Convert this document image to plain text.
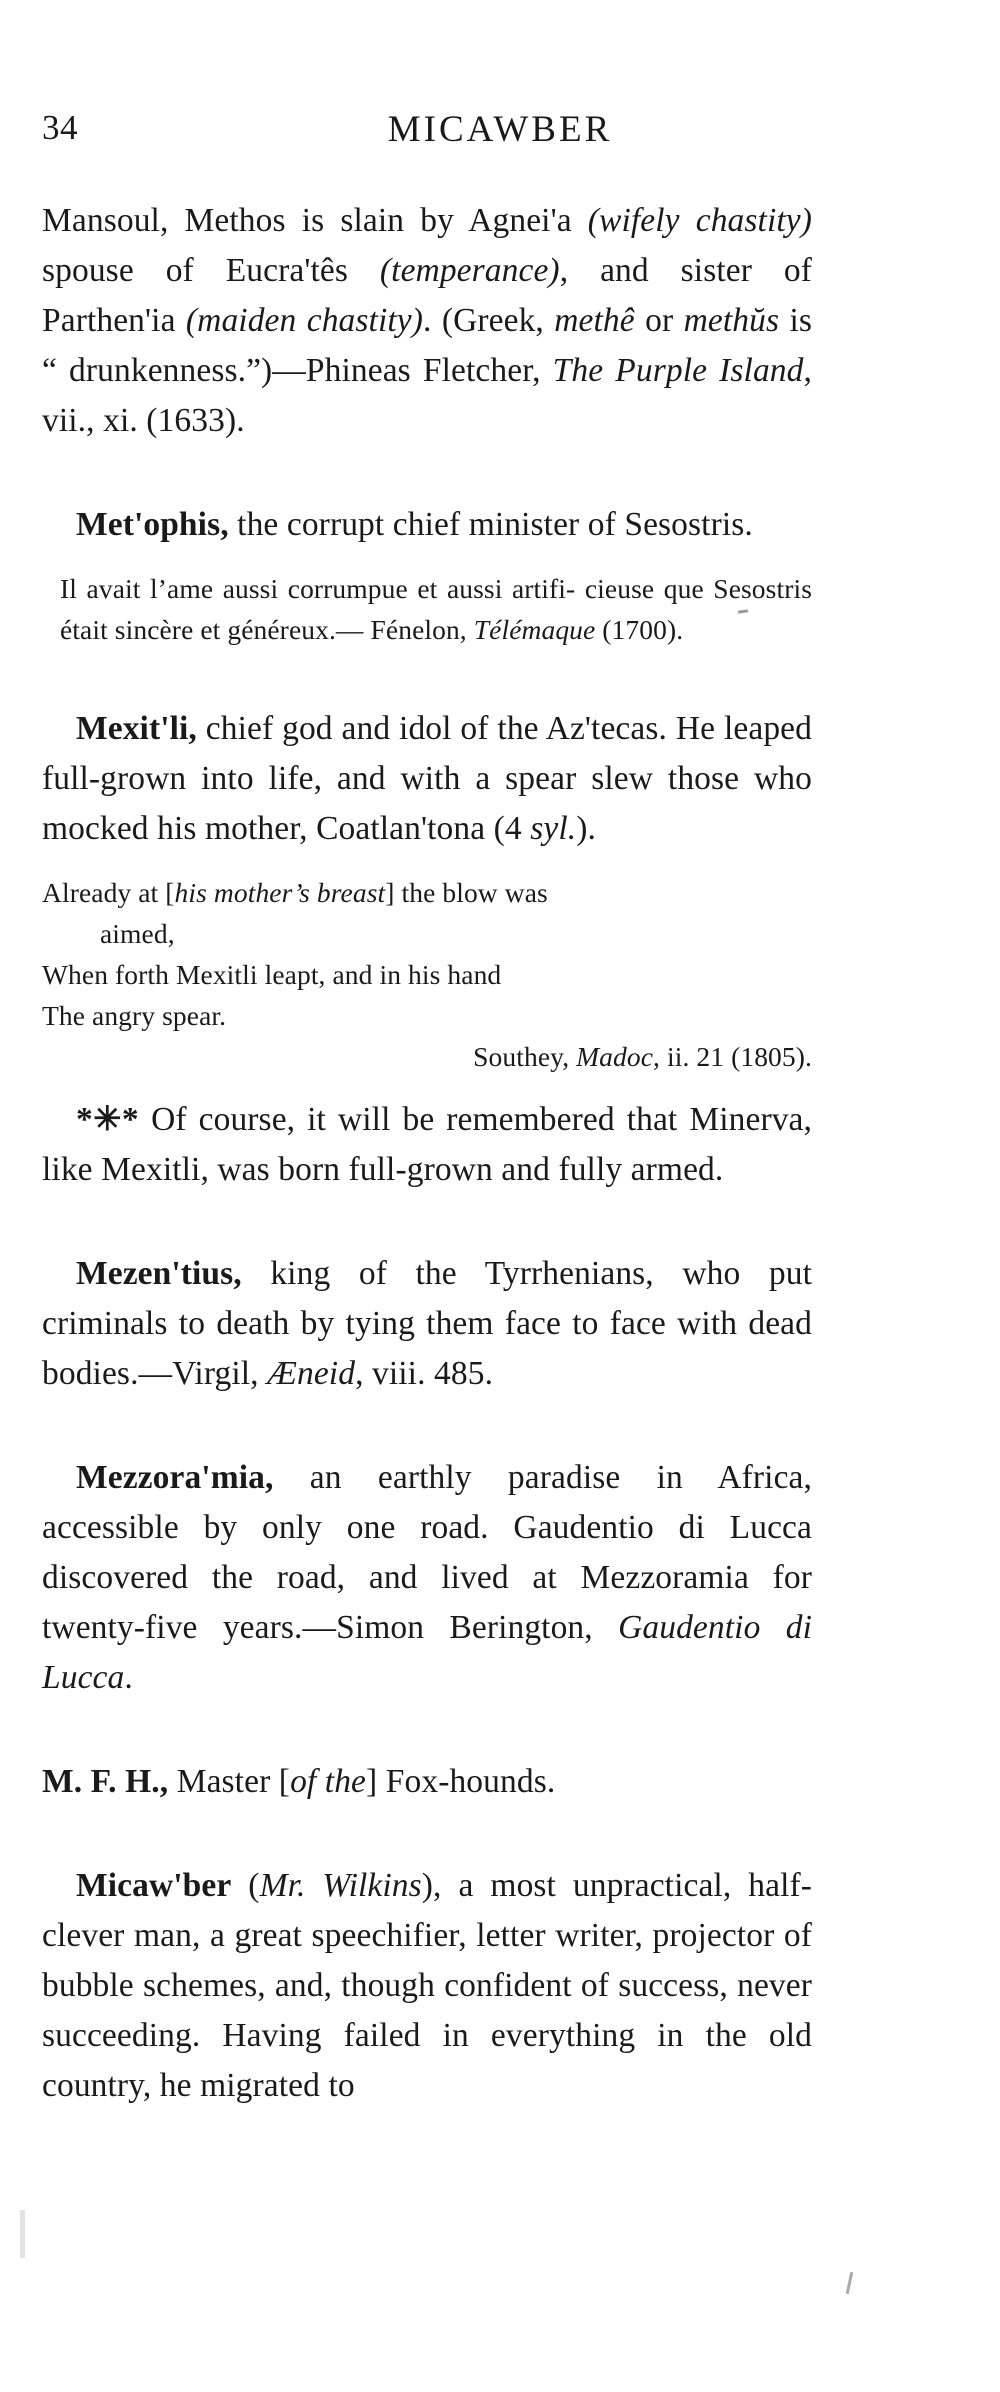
34	MICAWBER

Mansoul, Methos is slain by Agnei'a (wifely chastity) spouse of Eucra'tês (temperance), and sister of Parthen'ia (maiden chastity). (Greek, methê or methŭs is “ drunkenness.”)—Phineas Fletcher, The Purple Island, vii., xi. (1633).

Met'ophis, the corrupt chief minister of Sesostris.

Il avait l’ame aussi corrumpue et aussi artifi- cieuse que Sesostris était sincère et généreux.— Fénelon, Télémaque (1700).

Mexit'li, chief god and idol of the Az'tecas. He leaped full-grown into life, and with a spear slew those who mocked his mother, Coatlan'tona (4 syl.).

Already at [his mother’s breast] the blow was
aimed,
When forth Mexitli leapt, and in his hand
The angry spear.
Southey, Madoc, ii. 21 (1805).

*✳* Of course, it will be remembered that Minerva, like Mexitli, was born full-grown and fully armed.

Mezen'tius, king of the Tyrrhenians, who put criminals to death by tying them face to face with dead bodies.—Virgil, Æneid, viii. 485.

Mezzora'mia, an earthly paradise in Africa, accessible by only one road. Gaudentio di Lucca discovered the road, and lived at Mezzoramia for twenty-five years.—Simon Berington, Gaudentio di Lucca.

M. F. H., Master [of the] Fox-hounds.

Micaw'ber (Mr. Wilkins), a most unpractical, half-clever man, a great speechifier, letter writer, projector of bubble schemes, and, though confident of success, never succeeding. Having failed in everything in the old country, he migrated to
